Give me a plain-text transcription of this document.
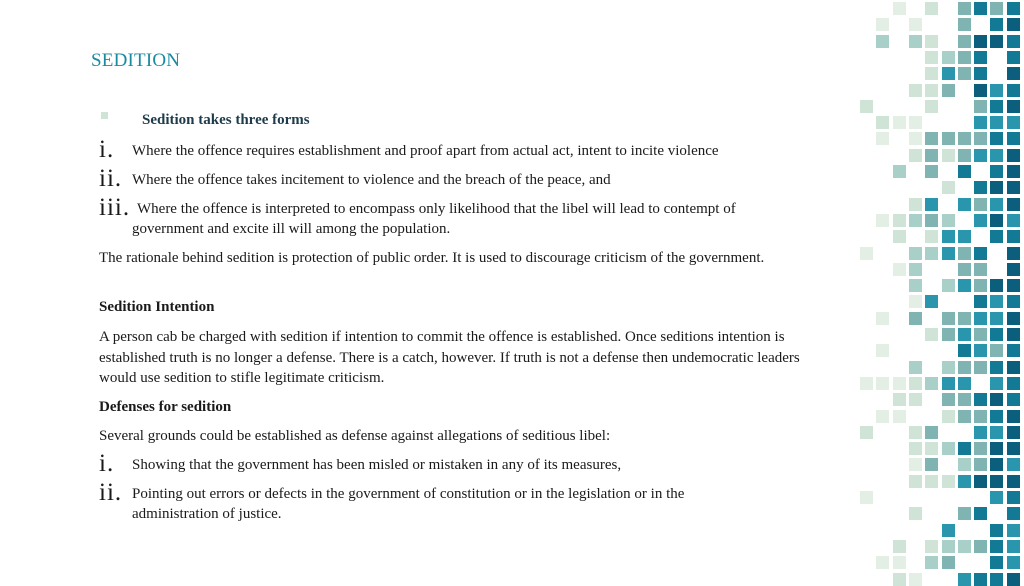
SEDITION
Sedition takes three forms
i. Where the offence requires establishment and proof apart from actual act, intent to incite violence
ii. Where the offence takes incitement to violence and the breach of the peace, and
iii. Where the offence is interpreted to encompass only likelihood that the libel will lead to contempt of
government and excite ill will among the population.
The rationale behind sedition is protection of public order. It is used to discourage criticism of the government.
Sedition Intention
A person cab be charged with sedition if intention to commit the offence is established. Once seditions intention is established truth is no longer a defense. There is a catch, however. If truth is not a defense then undemocratic leaders would use sedition to stifle legitimate criticism.
Defenses for sedition
Several grounds could be established as defense against allegations of seditious libel:
i. Showing that the government has been misled or mistaken in any of its measures,
ii. Pointing out errors or defects in the government of constitution or in the legislation or in the
administration of justice.
